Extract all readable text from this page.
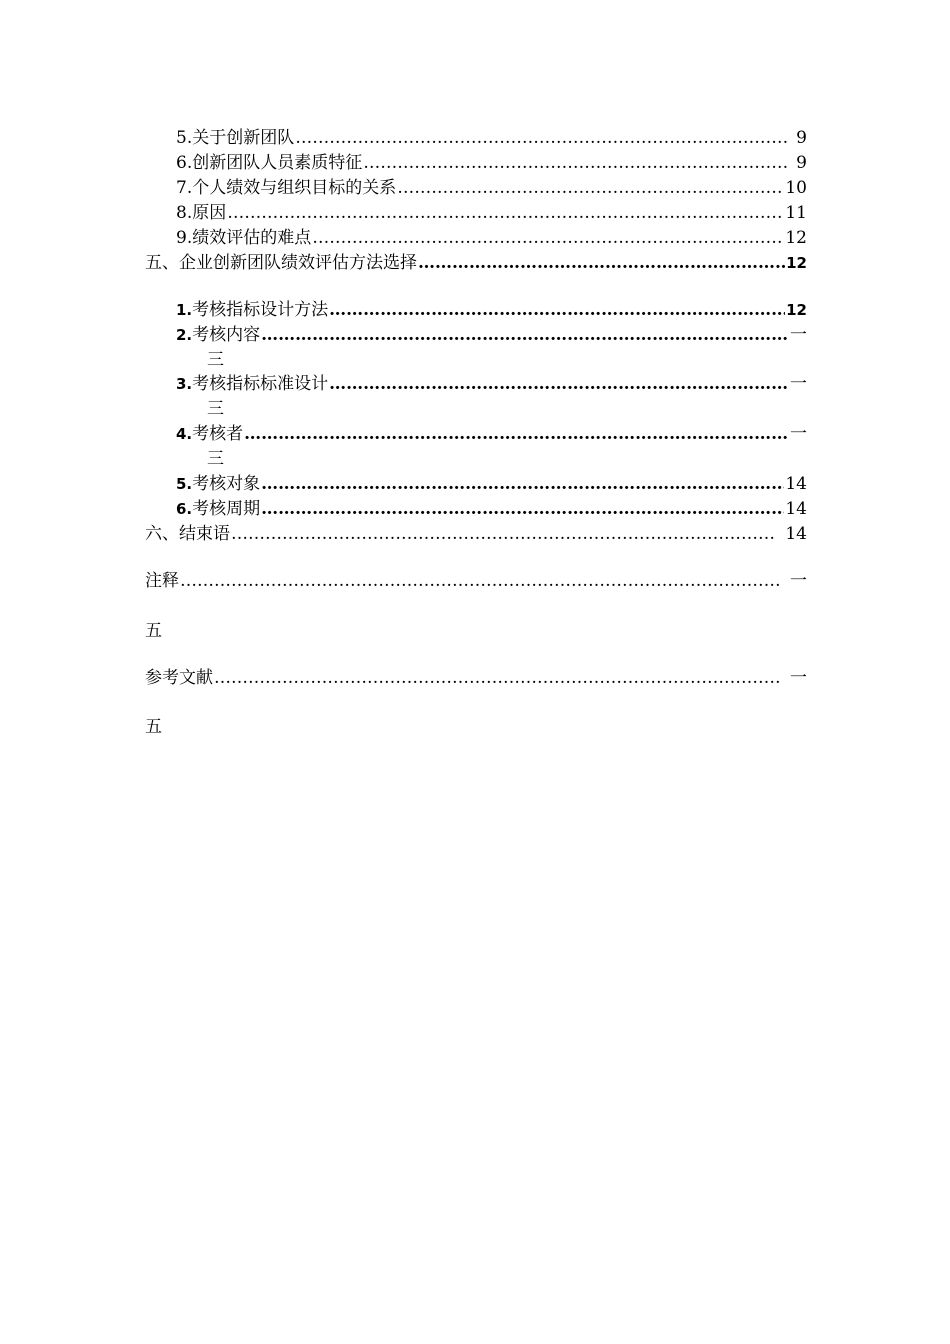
5. 关于创新团队 …………………………………………………………………………………………………………………………………………………………………………………………………………………………………………………………………………………………………………………………………………	9
6. 创新团队人员素质特征 …………………………………………………………………………………………………………………………………………………………………………………………………………………………………………………………………………………………………………………………………………	9
7. 个人绩效与组织目标的关系 …………………………………………………………………………………………………………………………………………………………………………………………………………………………………………………………………………………………………………………………………………	10
8. 原因 …………………………………………………………………………………………………………………………………………………………………………………………………………………………………………………………………………………………………………………………………………	11
9. 绩效评估的难点 …………………………………………………………………………………………………………………………………………………………………………………………………………………………………………………………………………………………………………………………………………	12
五、企业创新团队绩效评估方法选择 …………………………………………………………………………………………………………………………………………………………………………………………………………………………………………………………………………………………………………………………………………	12
1. 考核指标设计方法 …………………………………………………………………………………………………………………………………………………………………………………………………………………………………………………………………………………………………………………………………………	12
2. 考核内容 …………………………………………………………………………………………………………………………………………………………………………………………………………………………………………………………………………………………………………………………………………	一
三
3. 考核指标标准设计 …………………………………………………………………………………………………………………………………………………………………………………………………………………………………………………………………………………………………………………………………………	一
三
4. 考核者 …………………………………………………………………………………………………………………………………………………………………………………………………………………………………………………………………………………………………………………………………………	一
三
5. 考核对象 …………………………………………………………………………………………………………………………………………………………………………………………………………………………………………………………………………………………………………………………………………	14
6. 考核周期 …………………………………………………………………………………………………………………………………………………………………………………………………………………………………………………………………………………………………………………………………………	14
六、结束语 …………………………………………………………………………………………………………………………………………………………………………………………………………………………………………………………………………………………………………………………………………	14
注释 …………………………………………………………………………………………………………………………………………………………………………………………………………………………………………………………………………………………………………………………………………	一
五
参考文献 …………………………………………………………………………………………………………………………………………………………………………………………………………………………………………………………………………………………………………………………………………	一
五
